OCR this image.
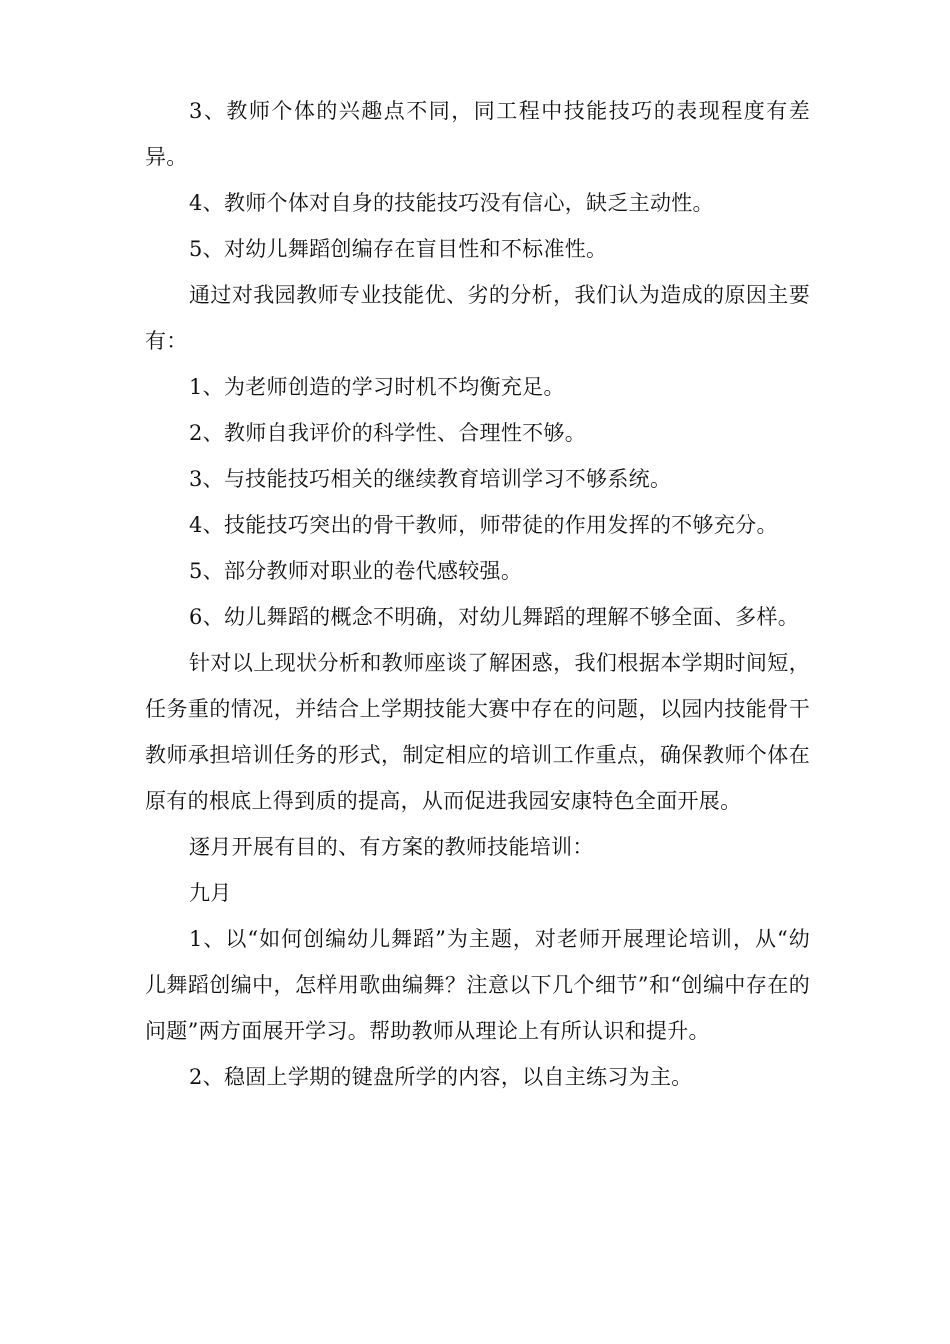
3、教师个体的兴趣点不同，同工程中技能技巧的表现程度有差异。

4、教师个体对自身的技能技巧没有信心，缺乏主动性。

5、对幼儿舞蹈创编存在盲目性和不标准性。

通过对我园教师专业技能优、劣的分析，我们认为造成的原因主要有：

1、为老师创造的学习时机不均衡充足。

2、教师自我评价的科学性、合理性不够。

3、与技能技巧相关的继续教育培训学习不够系统。

4、技能技巧突出的骨干教师，师带徒的作用发挥的不够充分。

5、部分教师对职业的卷代感较强。

6、幼儿舞蹈的概念不明确，对幼儿舞蹈的理解不够全面、多样。

针对以上现状分析和教师座谈了解困惑，我们根据本学期时间短，任务重的情况，并结合上学期技能大赛中存在的问题，以园内技能骨干教师承担培训任务的形式，制定相应的培训工作重点，确保教师个体在原有的根底上得到质的提高，从而促进我园安康特色全面开展。

逐月开展有目的、有方案的教师技能培训：

九月

1、以“如何创编幼儿舞蹈”为主题，对老师开展理论培训，从“幼儿舞蹈创编中，怎样用歌曲编舞？注意以下几个细节”和“创编中存在的问题”两方面展开学习。帮助教师从理论上有所认识和提升。

2、稳固上学期的键盘所学的内容，以自主练习为主。
